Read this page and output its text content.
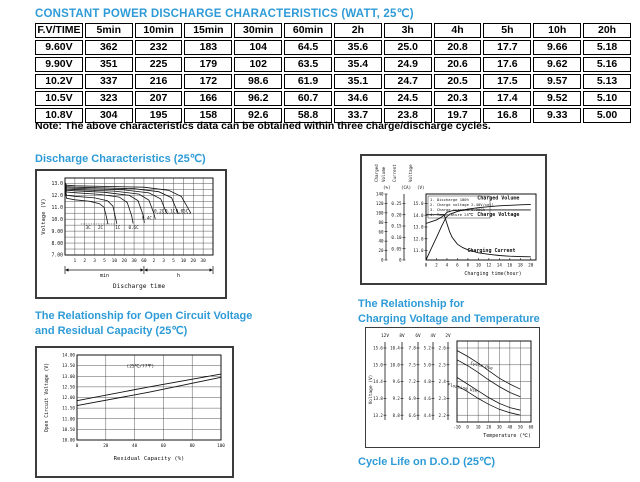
CONSTANT POWER DISCHARGE CHARACTERISTICS (WATT, 25℃)
F.V/TIME	5min	10min	15min	30min	60min	2h	3h	4h	5h	10h	20h
9.60V	362	232	183	104	64.5	35.6	25.0	20.8	17.7	9.66	5.18
9.90V	351	225	179	102	63.5	35.4	24.9	20.6	17.6	9.62	5.16
10.2V	337	216	172	98.6	61.9	35.1	24.7	20.5	17.5	9.57	5.13
10.5V	323	207	166	96.2	60.7	34.6	24.5	20.3	17.4	9.52	5.10
10.8V	304	195	158	92.6	58.8	33.7	23.8	19.7	16.8	9.33	5.00
Note: The above characteristics data can be obtained within three charge/discharge cycles.
Discharge Characteristics (25℃)
13.0
12.0
11.0
10.0
9.00
8.00
7.00
Voltage (V)
1 2 3 5 10 20 30 60 2 3 5 10 20 30
3C 2C	1C 0.6C
0.4C
0.2C 0.1C 0.05C
min	h
Discharge time
Charged Volume
(%)
140
120
100
80
60
40
20
0
Current
(CA)
0.25
0.20
0.15
0.10
0.05
0
Voltage
(V)
15.0
14.0
13.0
12.0
11.0
0 2 4 6 8 10 12 14 16 18 20
Charging time(hour)
1. Discharge 100%
2. Charge voltage 2.40V/cell
3. Charge current 0.20CA
4. Temperature 25℃
Charged Volume
Charge Voltage
Charging Current
The Relationship for Open Circuit Voltage
and Residual Capacity (25℃)
14.00
13.50
13.00
12.50
12.00
11.50
11.00
10.50
10.00
0	20	40	60	80	100
Open Circuit Voltage (V)
Residual Capacity (%)
(25℃/77℉)
The Relationship for
Charging Voltage and Temperature
Voltage (V)
12V
15.6
15.0
14.4
13.8
13.2
8V
10.4
10.0
9.6
9.2
8.8
6V
7.8
7.5
7.2
6.9
6.6
4V
5.2
5.0
4.8
4.6
4.4
2V
2.6
2.5
2.4
2.3
2.2
-10 0 10 20 30 40 50 60
Temperature (℃)
Cycle Use
Floating Use
Cycle Life on D.O.D (25℃)
